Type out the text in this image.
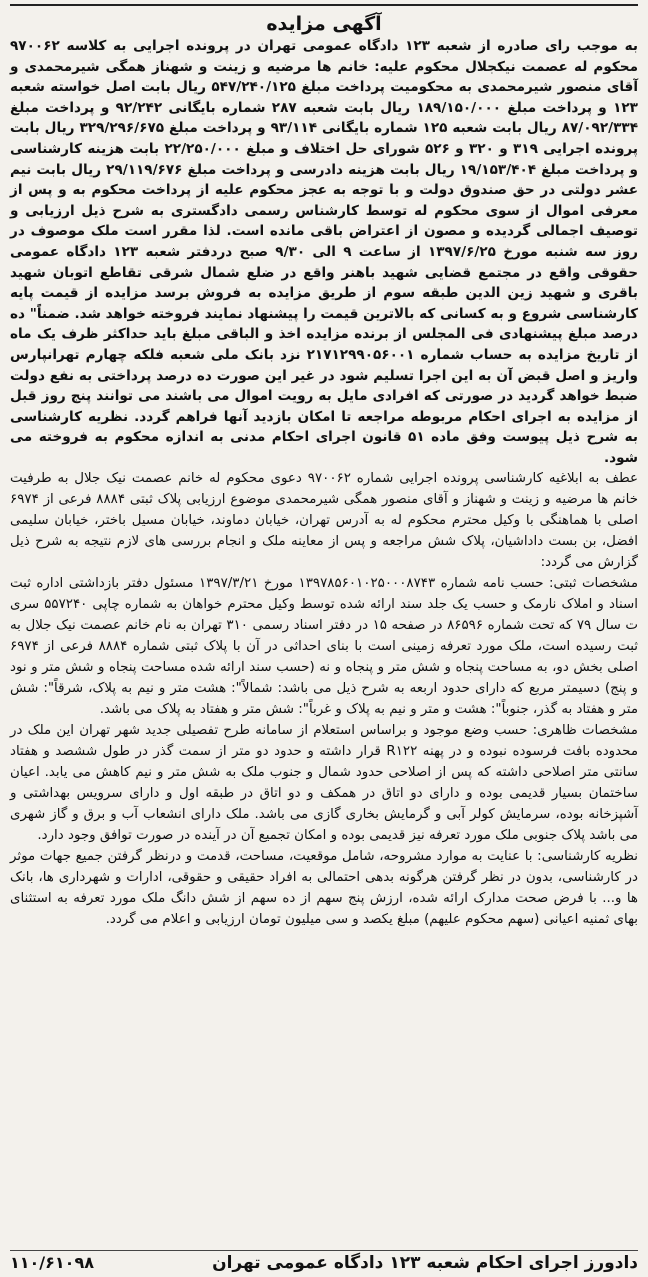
آگهی مزایده

به موجب رای صادره از شعبه ۱۲۳ دادگاه عمومی تهران در پرونده اجرایی به کلاسه ۹۷۰۰۶۲ محکوم له عصمت نیکجلال محکوم علیه: خانم ها مرضیه و زینت و شهناز همگی شیرمحمدی و آقای منصور شیرمحمدی به محکومیت پرداخت مبلغ ۵۴۷/۲۴۰/۱۲۵ ریال بابت اصل خواسته شعبه ۱۲۳ و پرداخت مبلغ ۱۸۹/۱۵۰/۰۰۰ ریال بابت شعبه ۲۸۷ شماره بایگانی ۹۲/۲۴۲ و پرداخت مبلغ ۸۷/۰۹۲/۳۳۴ ریال بابت شعبه ۱۲۵ شماره بایگانی ۹۳/۱۱۴ و پرداخت مبلغ ۳۲۹/۲۹۶/۶۷۵ ریال بابت پرونده اجرایی ۳۱۹ و ۳۲۰ و ۵۲۶ شورای حل اختلاف و مبلغ ۲۲/۲۵۰/۰۰۰ بابت هزینه کارشناسی و پرداخت مبلغ ۱۹/۱۵۳/۴۰۴ ریال بابت هزینه دادرسی و پرداخت مبلغ ۲۹/۱۱۹/۶۷۶ ریال بابت نیم عشر دولتی در حق صندوق دولت و با توجه به عجز محکوم علیه از پرداخت محکوم به و پس از معرفی اموال از سوی محکوم له توسط کارشناس رسمی دادگستری به شرح ذیل ارزیابی و توصیف اجمالی گردیده و مصون از اعتراض باقی مانده است. لذا مقرر است ملک موصوف در روز سه شنبه مورخ ۱۳۹۷/۶/۲۵ از ساعت ۹ الی ۹/۳۰ صبح دردفتر شعبه ۱۲۳ دادگاه عمومی حقوقی واقع در مجتمع قضایی شهید باهنر واقع در ضلع شمال شرقی تقاطع اتوبان شهید باقری و شهید زین الدین طبقه سوم از طریق مزایده به فروش برسد مزایده از قیمت پایه کارشناسی شروع و به کسانی که بالاترین قیمت را پیشنهاد نمایند فروخته خواهد شد. ضمناً" ده درصد مبلغ پیشنهادی فی المجلس از برنده مزایده اخذ و الباقی مبلغ باید حداکثر ظرف یک ماه از تاریخ مزایده به حساب شماره ۲۱۷۱۲۹۹۰۵۶۰۰۱ نزد بانک ملی شعبه فلکه چهارم تهرانپارس واریز و اصل قبض آن به این اجرا تسلیم شود در غیر این صورت ده درصد پرداختی به نفع دولت ضبط خواهد گردید در صورتی که افرادی مایل به رویت اموال می باشند می توانند پنج روز قبل از مزایده به اجرای احکام مربوطه مراجعه تا امکان بازدید آنها فراهم گردد. نظریه کارشناسی به شرح ذیل پیوست وفق ماده ۵۱ قانون اجرای احکام مدنی به اندازه محکوم به فروخته می شود.

عطف به ابلاغیه کارشناسی پرونده اجرایی شماره ۹۷۰۰۶۲ دعوی محکوم له خانم عصمت نیک جلال به طرفیت خانم ها مرضیه و زینت و شهناز و آقای منصور همگی شیرمحمدی موضوع ارزیابی پلاک ثبتی ۸۸۸۴ فرعی از ۶۹۷۴ اصلی با هماهنگی با وکیل محترم محکوم له به آدرس تهران، خیابان دماوند، خیابان مسیل باختر، خیابان سلیمی افضل، بن بست داداشیان، پلاک شش مراجعه و پس از معاینه ملک و انجام بررسی های لازم نتیجه به شرح ذیل گزارش می گردد:

مشخصات ثبتی: حسب نامه شماره ۱۳۹۷۸۵۶۰۱۰۲۵۰۰۰۸۷۴۳ مورخ ۱۳۹۷/۳/۲۱ مسئول دفتر بازداشتی اداره ثبت اسناد و املاک نارمک و حسب یک جلد سند ارائه شده توسط وکیل محترم خواهان به شماره چاپی ۵۵۷۲۴۰ سری ت سال ۷۹ که تحت شماره ۸۶۵۹۶ در صفحه ۱۵ در دفتر اسناد رسمی ۳۱۰ تهران به نام خانم عصمت نیک جلال به ثبت رسیده است، ملک مورد تعرفه زمینی است با بنای احداثی در آن با پلاک ثبتی شماره ۸۸۸۴ فرعی از ۶۹۷۴ اصلی بخش دو، به مساحت پنجاه و شش متر و پنجاه و نه (حسب سند ارائه شده مساحت پنجاه و شش متر و نود و پنج) دسیمتر مربع که دارای حدود اربعه به شرح ذیل می باشد: شمالاً": هشت متر و نیم به پلاک، شرقاً": شش متر و هفتاد به گذر، جنوباً": هشت و متر و نیم به پلاک و غرباً": شش متر و هفتاد به پلاک می باشد.

مشخصات ظاهری: حسب وضع موجود و براساس استعلام از سامانه طرح تفصیلی جدید شهر تهران این ملک در محدوده بافت فرسوده نبوده و در پهنه R۱۲۲ قرار داشته و حدود دو متر از سمت گذر در طول ششصد و هفتاد سانتی متر اصلاحی داشته که پس از اصلاحی حدود شمال و جنوب ملک به شش متر و نیم کاهش می یابد. اعیان ساختمان بسیار قدیمی بوده و دارای دو اتاق در همکف و دو اتاق در طبقه اول و دارای سرویس بهداشتی و آشپزخانه بوده، سرمایش کولر آبی و گرمایش بخاری گازی می باشد. ملک دارای انشعاب آب و برق و گاز شهری می باشد پلاک جنوبی ملک مورد تعرفه نیز قدیمی بوده و امکان تجمیع آن در آینده در صورت توافق وجود دارد.

نظریه کارشناسی: با عنایت به موارد مشروحه، شامل موقعیت، مساحت، قدمت و درنظر گرفتن جمیع جهات موثر در کارشناسی، بدون در نظر گرفتن هرگونه بدهی احتمالی به افراد حقیقی و حقوقی، ادارات و شهرداری ها، بانک ها و... با فرض صحت مدارک ارائه شده، ارزش پنج سهم از ده سهم از شش دانگ ملک مورد تعرفه به استثنای بهای ثمنیه اعیانی (سهم محکوم علیهم) مبلغ یکصد و سی میلیون تومان ارزیابی و اعلام می گردد.

دادورز اجرای احکام شعبه ۱۲۳ دادگاه عمومی تهران
۱۱۰/۶۱۰۹۸
